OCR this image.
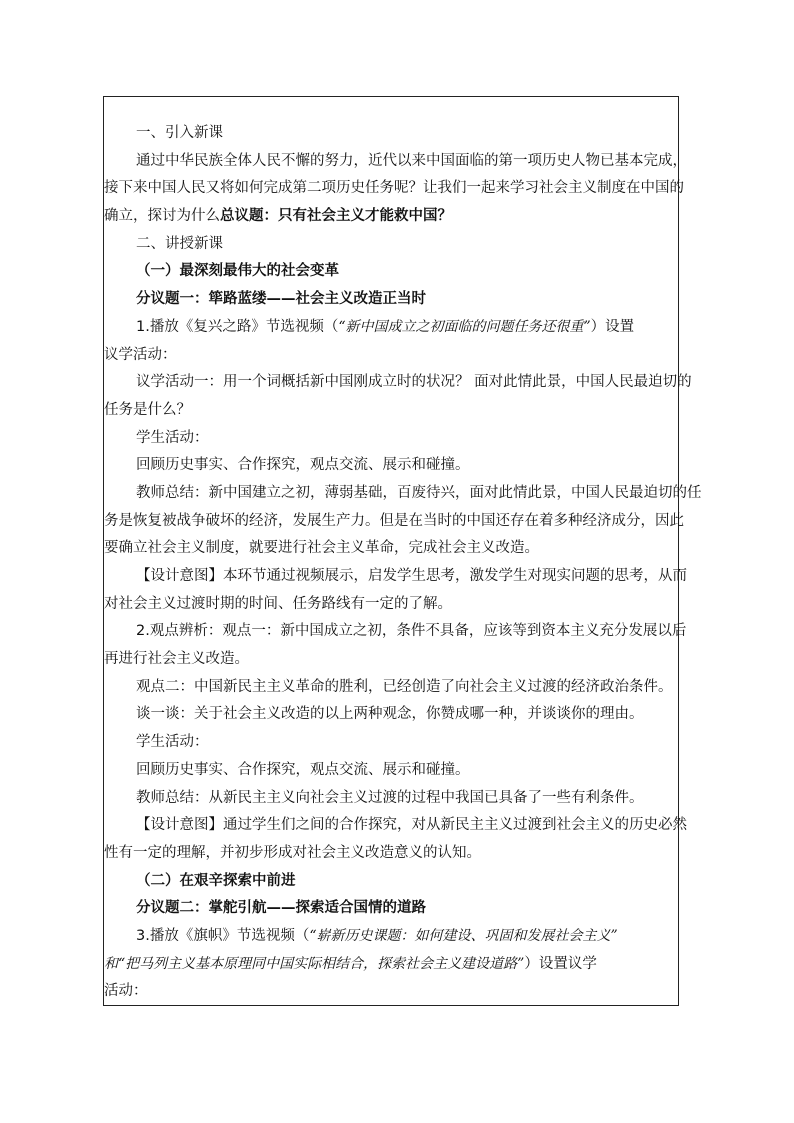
一、引入新课
通过中华民族全体人民不懈的努力，近代以来中国面临的第一项历史人物已基本完成，
接下来中国人民又将如何完成第二项历史任务呢？让我们一起来学习社会主义制度在中国的
确立，探讨为什么总议题：只有社会主义才能救中国？
二、讲授新课
（一）最深刻最伟大的社会变革
分议题一：筚路蓝缕——社会主义改造正当时
1.播放《复兴之路》节选视频（“新中国成立之初面临的问题任务还很重”）设置
议学活动：
议学活动一：用一个词概括新中国刚成立时的状况？ 面对此情此景，中国人民最迫切的
任务是什么？
学生活动：
回顾历史事实、合作探究，观点交流、展示和碰撞。
教师总结：新中国建立之初，薄弱基础，百废待兴，面对此情此景，中国人民最迫切的任
务是恢复被战争破坏的经济，发展生产力。但是在当时的中国还存在着多种经济成分，因此
要确立社会主义制度，就要进行社会主义革命，完成社会主义改造。
【设计意图】本环节通过视频展示，启发学生思考，激发学生对现实问题的思考，从而
对社会主义过渡时期的时间、任务路线有一定的了解。
2.观点辨析：观点一：新中国成立之初，条件不具备，应该等到资本主义充分发展以后
再进行社会主义改造。
观点二：中国新民主主义革命的胜利，已经创造了向社会主义过渡的经济政治条件。
谈一谈：关于社会主义改造的以上两种观念，你赞成哪一种，并谈谈你的理由。
学生活动：
回顾历史事实、合作探究，观点交流、展示和碰撞。
教师总结：从新民主主义向社会主义过渡的过程中我国已具备了一些有利条件。
【设计意图】通过学生们之间的合作探究，对从新民主主义过渡到社会主义的历史必然
性有一定的理解，并初步形成对社会主义改造意义的认知。
（二）在艰辛探索中前进
分议题二：掌舵引航——探索适合国情的道路
3.播放《旗帜》节选视频（“崭新历史课题：如何建设、巩固和发展社会主义”
和“把马列主义基本原理同中国实际相结合，探索社会主义建设道路”）设置议学
活动：
